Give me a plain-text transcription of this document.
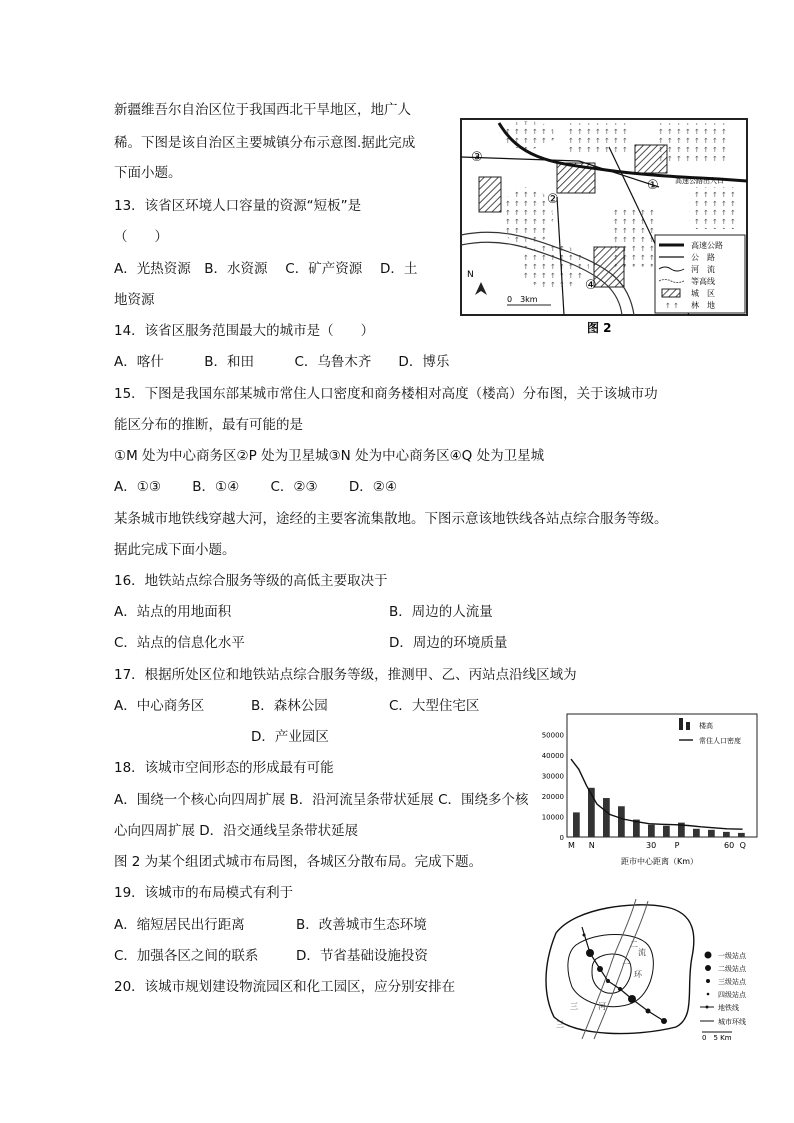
新疆维吾尔自治区位于我国西北干旱地区，地广人
稀。下图是该自治区主要城镇分布示意图.据此完成
下面小题。
13．该省区环境人口容量的资源“短板”是
（　　）
A．光热资源　B．水资源　 C．矿产资源　 D．土
地资源
14．该省区服务范围最大的城市是（　　）
A．喀什　　　B．和田　　　C．乌鲁木齐　　D．博乐
15．下图是我国东部某城市常住人口密度和商务楼相对高度（楼高）分布图，关于该城市功
能区分布的推断，最有可能的是
①M 处为中心商务区②P 处为卫星城③N 处为中心商务区④Q 处为卫星城
A．①③　　 B．①④　　 C．②③　　 D．②④
某条城市地铁线穿越大河，途经的主要客流集散地。下图示意该地铁线各站点综合服务等级。
据此完成下面小题。
16．地铁站点综合服务等级的高低主要取决于
A．站点的用地面积	B．周边的人流量
C．站点的信息化水平	D．周边的环境质量
17．根据所处区位和地铁站点综合服务等级，推测甲、乙、丙站点沿线区域为
A．中心商务区	B．森林公园	C．大型住宅区
D．产业园区
18．该城市空间形态的形成最有可能
A．围绕一个核心向四周扩展 B．沿河流呈条带状延展 C．围绕多个核
心向四周扩展 D．沿交通线呈条带状延展
图 2 为某个组团式城市布局图，各城区分散布局。完成下题。
19．该城市的布局模式有利于
A．缩短居民出行距离	B．改善城市生态环境
C．加强各区之间的联系	D．节省基础设施投资
20．该城市规划建设物流园区和化工园区，应分别安排在
①
②
③
④
高速公路出入口
高速公路
公　路
河　流
等高线
城　区
↑ ↑ 林　地
N
0　3km
图 2
0
10000
20000
30000
40000
50000
M N	30 P	60 Q
楼高
常住人口密度
距市中心距离（Km）
流
三
环
河
二
一
三
一级站点
二级站点
三级站点
四级站点
地铁线
城市环线
0　5 Km
